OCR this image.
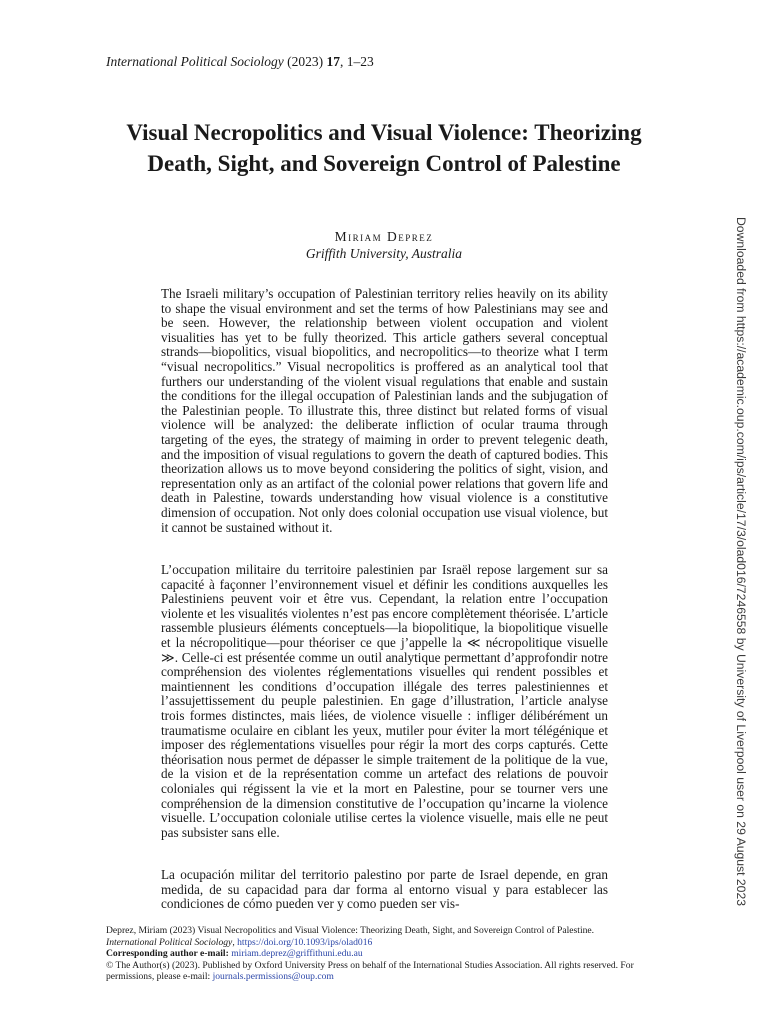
International Political Sociology (2023) 17, 1–23
Visual Necropolitics and Visual Violence: Theorizing Death, Sight, and Sovereign Control of Palestine
Miriam Deprez
Griffith University, Australia

The Israeli military’s occupation of Palestinian territory relies heavily on its ability to shape the visual environment and set the terms of how Palestinians may see and be seen. However, the relationship between violent occupation and violent visualities has yet to be fully theorized. This article gathers several conceptual strands—biopolitics, visual biopolitics, and necropolitics—to theorize what I term “visual necropolitics.” Visual necropolitics is proffered as an analytical tool that furthers our understanding of the violent visual regulations that enable and sustain the conditions for the illegal occupation of Palestinian lands and the subjugation of the Palestinian people. To illustrate this, three distinct but related forms of visual violence will be analyzed: the deliberate infliction of ocular trauma through targeting of the eyes, the strategy of maiming in order to prevent telegenic death, and the imposition of visual regulations to govern the death of captured bodies. This theorization allows us to move beyond considering the politics of sight, vision, and representation only as an artifact of the colonial power relations that govern life and death in Palestine, towards understanding how visual violence is a constitutive dimension of occupation. Not only does colonial occupation use visual violence, but it cannot be sustained without it.

L’occupation militaire du territoire palestinien par Israël repose largement sur sa capacité à façonner l’environnement visuel et définir les conditions auxquelles les Palestiniens peuvent voir et être vus. Cependant, la relation entre l’occupation violente et les visualités violentes n’est pas encore complètement théorisée. L’article rassemble plusieurs éléments conceptuels—la biopolitique, la biopolitique visuelle et la nécropolitique—pour théoriser ce que j’appelle la ≪ nécropolitique visuelle ≫. Celle-ci est présentée comme un outil analytique permettant d’approfondir notre compréhension des violentes réglementations visuelles qui rendent possibles et maintiennent les conditions d’occupation illégale des terres palestiniennes et l’assujettissement du peuple palestinien. En gage d’illustration, l’article analyse trois formes distinctes, mais liées, de violence visuelle : infliger délibérément un traumatisme oculaire en ciblant les yeux, mutiler pour éviter la mort télégénique et imposer des réglementations visuelles pour régir la mort des corps capturés. Cette théorisation nous permet de dépasser le simple traitement de la politique de la vue, de la vision et de la représentation comme un artefact des relations de pouvoir coloniales qui régissent la vie et la mort en Palestine, pour se tourner vers une compréhension de la dimension constitutive de l’occupation qu’incarne la violence visuelle. L’occupation coloniale utilise certes la violence visuelle, mais elle ne peut pas subsister sans elle.

La ocupación militar del territorio palestino por parte de Israel depende, en gran medida, de su capacidad para dar forma al entorno visual y para establecer las condiciones de cómo pueden ver y como pueden ser vis-

Deprez, Miriam (2023) Visual Necropolitics and Visual Violence: Theorizing Death, Sight, and Sovereign Control of Palestine.
International Political Sociology, https://doi.org/10.1093/ips/olad016
Corresponding author e-mail: miriam.deprez@griffithuni.edu.au
© The Author(s) (2023). Published by Oxford University Press on behalf of the International Studies Association. All rights reserved. For permissions, please e-mail: journals.permissions@oup.com
Downloaded from https://academic.oup.com/ips/article/17/3/olad016/7246558 by University of Liverpool user on 29 August 2023
